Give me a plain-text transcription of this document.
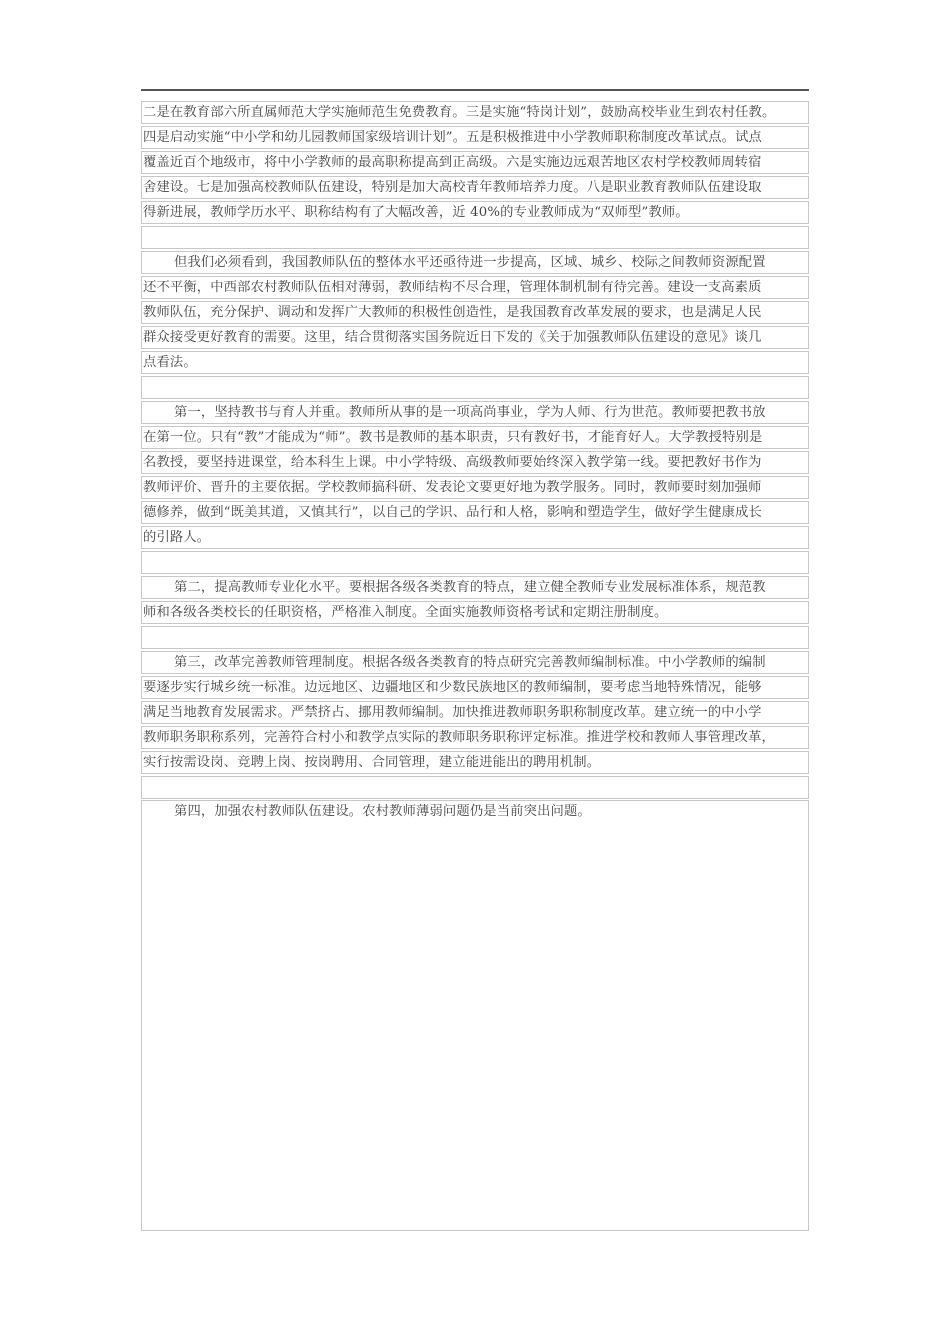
二是在教育部六所直属师范大学实施师范生免费教育。三是实施“特岗计划”，鼓励高校毕业生到农村任教。
四是启动实施“中小学和幼儿园教师国家级培训计划”。五是积极推进中小学教师职称制度改革试点。试点
覆盖近百个地级市，将中小学教师的最高职称提高到正高级。六是实施边远艰苦地区农村学校教师周转宿
舍建设。七是加强高校教师队伍建设，特别是加大高校青年教师培养力度。八是职业教育教师队伍建设取
得新进展，教师学历水平、职称结构有了大幅改善，近 40%的专业教师成为“双师型”教师。
但我们必须看到，我国教师队伍的整体水平还亟待进一步提高，区域、城乡、校际之间教师资源配置
还不平衡，中西部农村教师队伍相对薄弱，教师结构不尽合理，管理体制机制有待完善。建设一支高素质
教师队伍，充分保护、调动和发挥广大教师的积极性创造性，是我国教育改革发展的要求，也是满足人民
群众接受更好教育的需要。这里，结合贯彻落实国务院近日下发的《关于加强教师队伍建设的意见》谈几
点看法。
第一，坚持教书与育人并重。教师所从事的是一项高尚事业，学为人师、行为世范。教师要把教书放
在第一位。只有“教”才能成为“师”。教书是教师的基本职责，只有教好书，才能育好人。大学教授特别是
名教授，要坚持进课堂，给本科生上课。中小学特级、高级教师要始终深入教学第一线。要把教好书作为
教师评价、晋升的主要依据。学校教师搞科研、发表论文要更好地为教学服务。同时，教师要时刻加强师
德修养，做到“既美其道，又慎其行”，以自己的学识、品行和人格，影响和塑造学生，做好学生健康成长
的引路人。
第二，提高教师专业化水平。要根据各级各类教育的特点，建立健全教师专业发展标准体系，规范教
师和各级各类校长的任职资格，严格准入制度。全面实施教师资格考试和定期注册制度。
第三，改革完善教师管理制度。根据各级各类教育的特点研究完善教师编制标准。中小学教师的编制
要逐步实行城乡统一标准。边远地区、边疆地区和少数民族地区的教师编制，要考虑当地特殊情况，能够
满足当地教育发展需求。严禁挤占、挪用教师编制。加快推进教师职务职称制度改革。建立统一的中小学
教师职务职称系列，完善符合村小和教学点实际的教师职务职称评定标准。推进学校和教师人事管理改革，
实行按需设岗、竞聘上岗、按岗聘用、合同管理，建立能进能出的聘用机制。
第四，加强农村教师队伍建设。农村教师薄弱问题仍是当前突出问题。
